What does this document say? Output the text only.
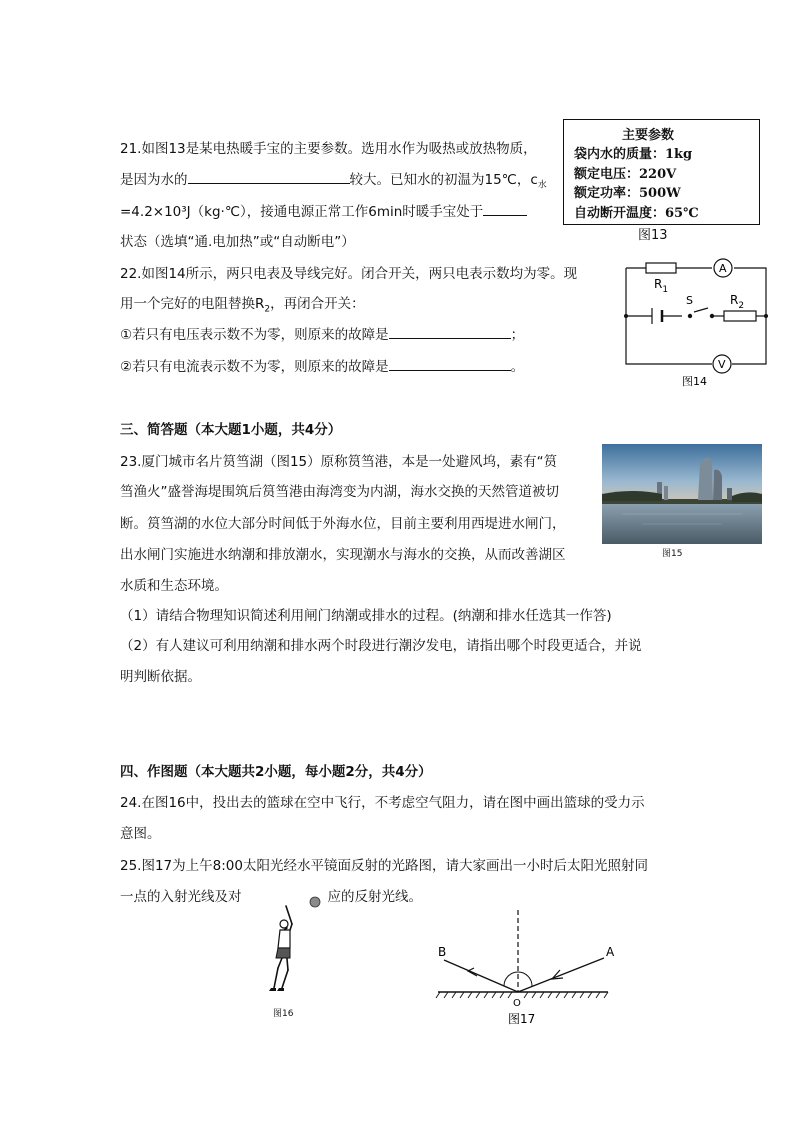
21.如图13是某电热暖手宝的主要参数。选用水作为吸热或放热物质，
是因为水的	较大。已知水的初温为15℃，$c_水$
=4.2×10³J（kg·℃），接通电源正常工作6min时暖手宝处于
状态（选填“通.电加热”或“自动断电”）
主要参数
袋内水的质量：1kg
额定电压：220V
额定功率：500W
自动断开温度：65℃
图13
22.如图14所示，两只电表及导线完好。闭合开关，两只电表示数均为零。现
用一个完好的电阻替换$R_2$，再闭合开关：
①若只有电压表示数不为零，则原来的故障是	；
②若只有电流表示数不为零，则原来的故障是	。
$R_1$
A
S	$R_2$
V
图14
三、简答题（本大题1小题，共4分）
23.厦门城市名片筼筜湖（图15）原称筼筜港，本是一处避风坞，素有“筼
筜渔火”盛誉海堤围筑后筼筜港由海湾变为内湖，海水交换的天然管道被切
断。筼筜湖的水位大部分时间低于外海水位，目前主要利用西堤进水闸门，
出水闸门实施进水纳潮和排放潮水，实现潮水与海水的交换，从而改善湖区
水质和生态环境。
（1）请结合物理知识简述利用闸门纳潮或排水的过程。(纳潮和排水任选其一作答)
（2）有人建议可利用纳潮和排水两个时段进行潮汐发电，请指出哪个时段更适合，并说
明判断依据。
图15
四、作图题（本大题共2小题，每小题2分，共4分）
24.在图16中，投出去的篮球在空中飞行，不考虑空气阻力，请在图中画出篮球的受力示
意图。
25.图17为上午8:00太阳光经水平镜面反射的光路图，请大家画出一小时后太阳光照射同
一点的入射光线及对	应的反射光线。
图16
A
B
O
图17
